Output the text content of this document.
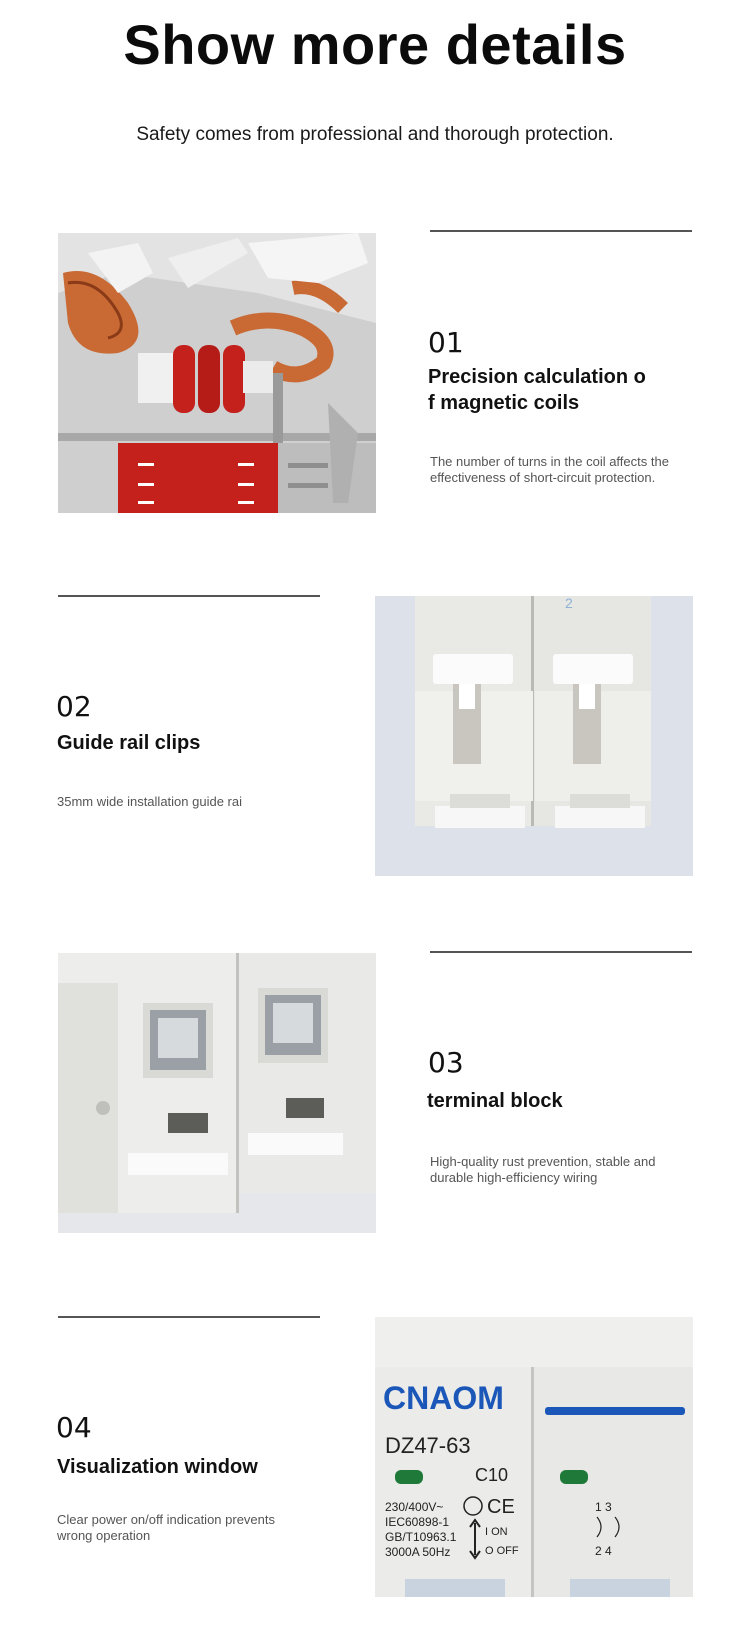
Show more details

Safety comes from professional and thorough protection.

01
Precision calculation o
f magnetic coils
The number of turns in the coil affects the
effectiveness of short-circuit protection.
02
Guide rail clips
35mm wide installation guide rai
2
03
terminal block
High-quality rust prevention, stable and
durable high-efficiency wiring
04
Visualization window
Clear power on/off indication prevents
wrong operation
CNAOM
DZ47-63
C10
230/400V~ CE
IEC60898-1
GB/T10963.1
3000A 50Hz
I ON
O OFF
1 3
2 4
